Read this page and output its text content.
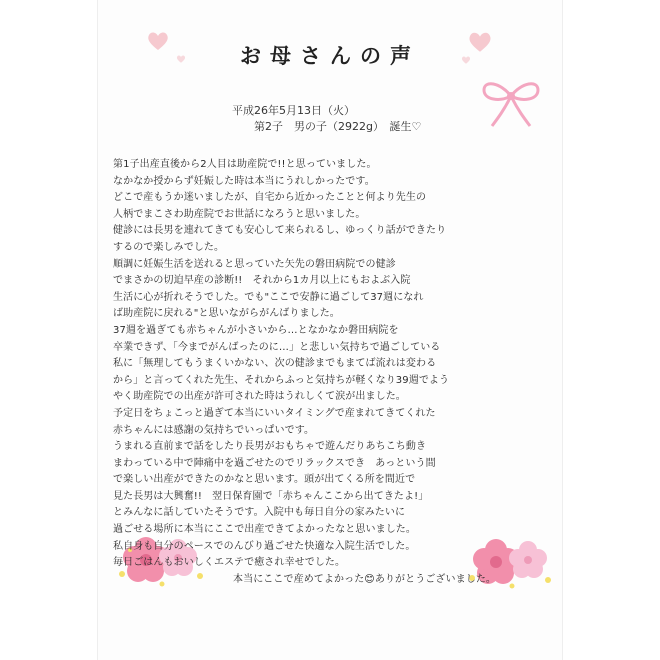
お母さんの声
平成26年5月13日（火）
第2子　男の子（2922g）　誕生♡
第1子出産直後から2人目は助産院で!!と思っていました。
なかなか授からず妊娠した時は本当にうれしかったです。
どこで産もうか迷いましたが、自宅から近かったことと何より先生の
人柄でまこさわ助産院でお世話になろうと思いました。
健診には長男を連れてきても安心して来られるし、ゆっくり話ができたり
するので楽しみでした。
順調に妊娠生活を送れると思っていた矢先の磐田病院での健診
でまさかの切迫早産の診断!!　それから1カ月以上にもおよぶ入院
生活に心が折れそうでした。でも"ここで安静に過ごして37週になれ
ば助産院に戻れる"と思いながらがんばりました。
37週を過ぎても赤ちゃんが小さいから…となかなか磐田病院を
卒業できず、「今までがんばったのに…」と悲しい気持ちで過ごしている
私に「無理してもうまくいかない、次の健診までもまてば流れは変わる
から」と言ってくれた先生、それからふっと気持ちが軽くなり39週でよう
やく助産院での出産が許可された時はうれしくて涙が出ました。
予定日をちょこっと過ぎて本当にいいタイミングで産まれてきてくれた
赤ちゃんには感謝の気持ちでいっぱいです。
うまれる直前まで話をしたり長男がおもちゃで遊んだりあちこち動き
まわっている中で陣痛中を過ごせたのでリラックスでき　あっという間
で楽しい出産ができたのかなと思います。頭が出てくる所を間近で
見た長男は大興奮!!　翌日保育園で「赤ちゃんここから出てきたよ!」
とみんなに話していたそうです。入院中も毎日自分の家みたいに
過ごせる場所に本当にここで出産できてよかったなと思いました。
私自身も自分のペースでのんびり過ごせた快適な入院生活でした。
毎日ごはんもおいしくエステで癒され幸せでした。
本当にここで産めてよかった😊ありがとうございました。
